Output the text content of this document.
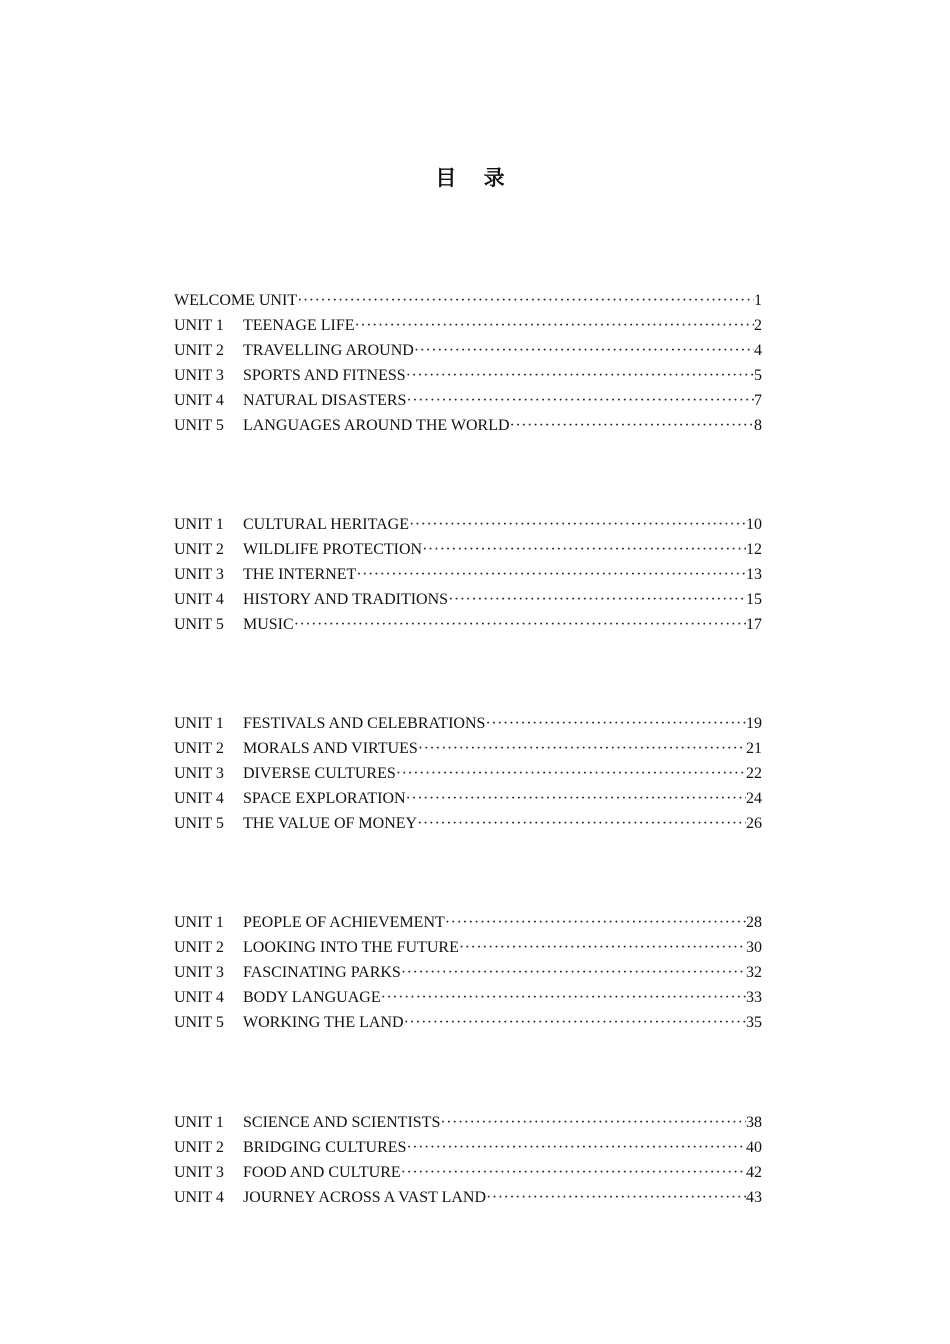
目 录
WELCOME UNIT ·····	1
UNIT 1	TEENAGE LIFE ·····	2
UNIT 2	TRAVELLING AROUND ·····	4
UNIT 3	SPORTS AND FITNESS ·····	5
UNIT 4	NATURAL DISASTERS ·····	7
UNIT 5	LANGUAGES AROUND THE WORLD ·····	8
UNIT 1	CULTURAL HERITAGE ·····	10
UNIT 2	WILDLIFE PROTECTION ·····	12
UNIT 3	THE INTERNET ·····	13
UNIT 4	HISTORY AND TRADITIONS ·····	15
UNIT 5	MUSIC ·····	17
UNIT 1	FESTIVALS AND CELEBRATIONS ·····	19
UNIT 2	MORALS AND VIRTUES ·····	21
UNIT 3	DIVERSE CULTURES ·····	22
UNIT 4	SPACE EXPLORATION ·····	24
UNIT 5	THE VALUE OF MONEY ·····	26
UNIT 1	PEOPLE OF ACHIEVEMENT ·····	28
UNIT 2	LOOKING INTO THE FUTURE ·····	30
UNIT 3	FASCINATING PARKS ·····	32
UNIT 4	BODY LANGUAGE ·····	33
UNIT 5	WORKING THE LAND ·····	35
UNIT 1	SCIENCE AND SCIENTISTS ·····	38
UNIT 2	BRIDGING CULTURES ·····	40
UNIT 3	FOOD AND CULTURE ·····	42
UNIT 4	JOURNEY ACROSS A VAST LAND ·····	43
